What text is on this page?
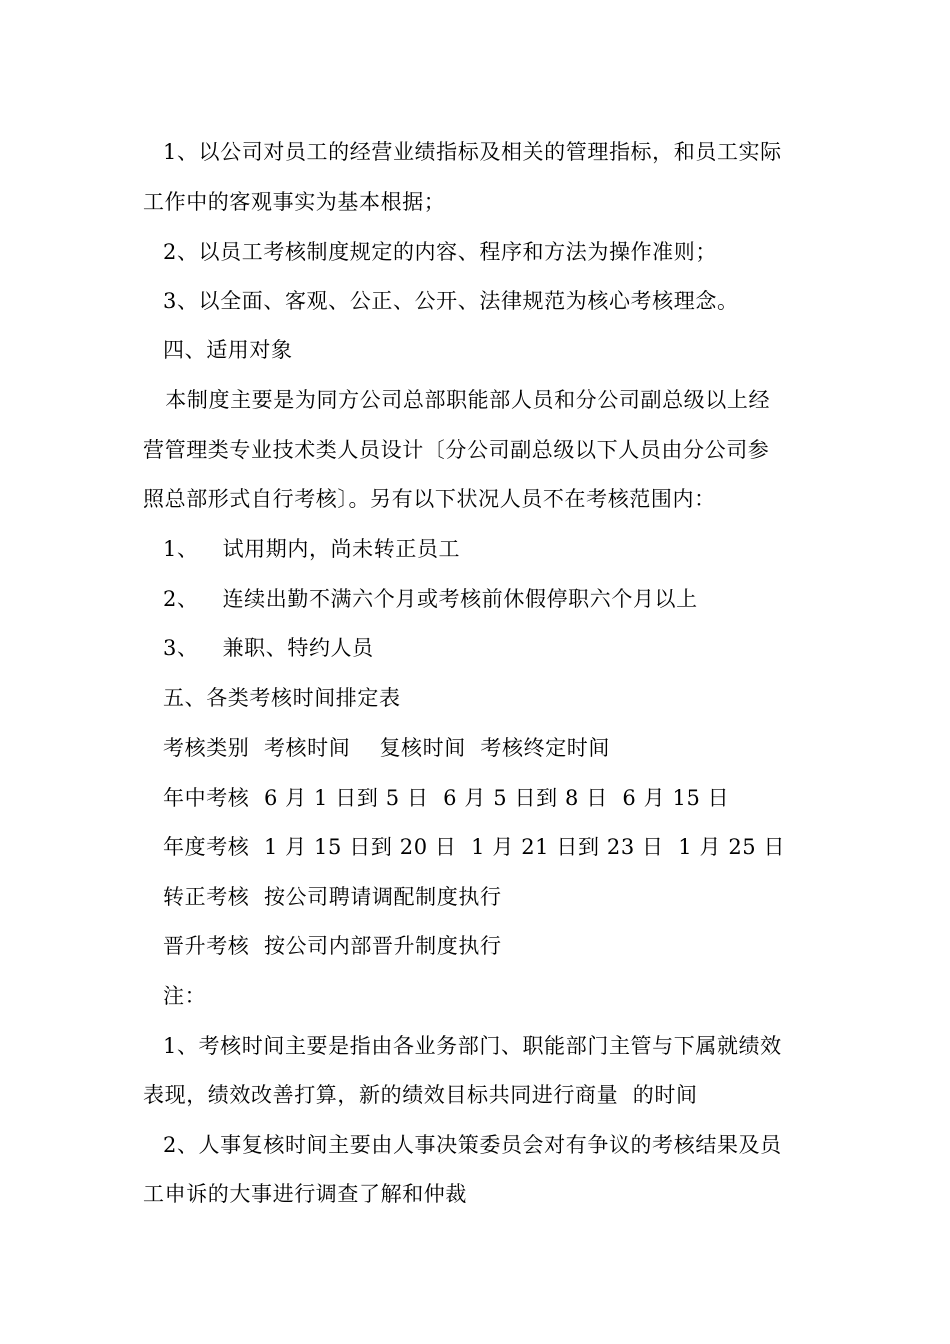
1、以公司对员工的经营业绩指标及相关的管理指标，和员工实际
工作中的客观事实为基本根据；
2、以员工考核制度规定的内容、程序和方法为操作准则；
3、以全面、客观、公正、公开、法律规范为核心考核理念。
四、适用对象
本制度主要是为同方公司总部职能部人员和分公司副总级以上经
营管理类专业技术类人员设计〔分公司副总级以下人员由分公司参
照总部形式自行考核〕。另有以下状况人员不在考核范围内：
1、 试用期内，尚未转正员工
2、 连续出勤不满六个月或考核前休假停职六个月以上
3、 兼职、特约人员
五、各类考核时间排定表
考核类别  考核时间    复核时间  考核终定时间
年中考核  6 月 1 日到 5 日  6 月 5 日到 8 日  6 月 15 日
年度考核  1 月 15 日到 20 日  1 月 21 日到 23 日  1 月 25 日
转正考核  按公司聘请调配制度执行
晋升考核  按公司内部晋升制度执行
注：
1、考核时间主要是指由各业务部门、职能部门主管与下属就绩效
表现，绩效改善打算，新的绩效目标共同进行商量  的时间
2、人事复核时间主要由人事决策委员会对有争议的考核结果及员
工申诉的大事进行调查了解和仲裁
